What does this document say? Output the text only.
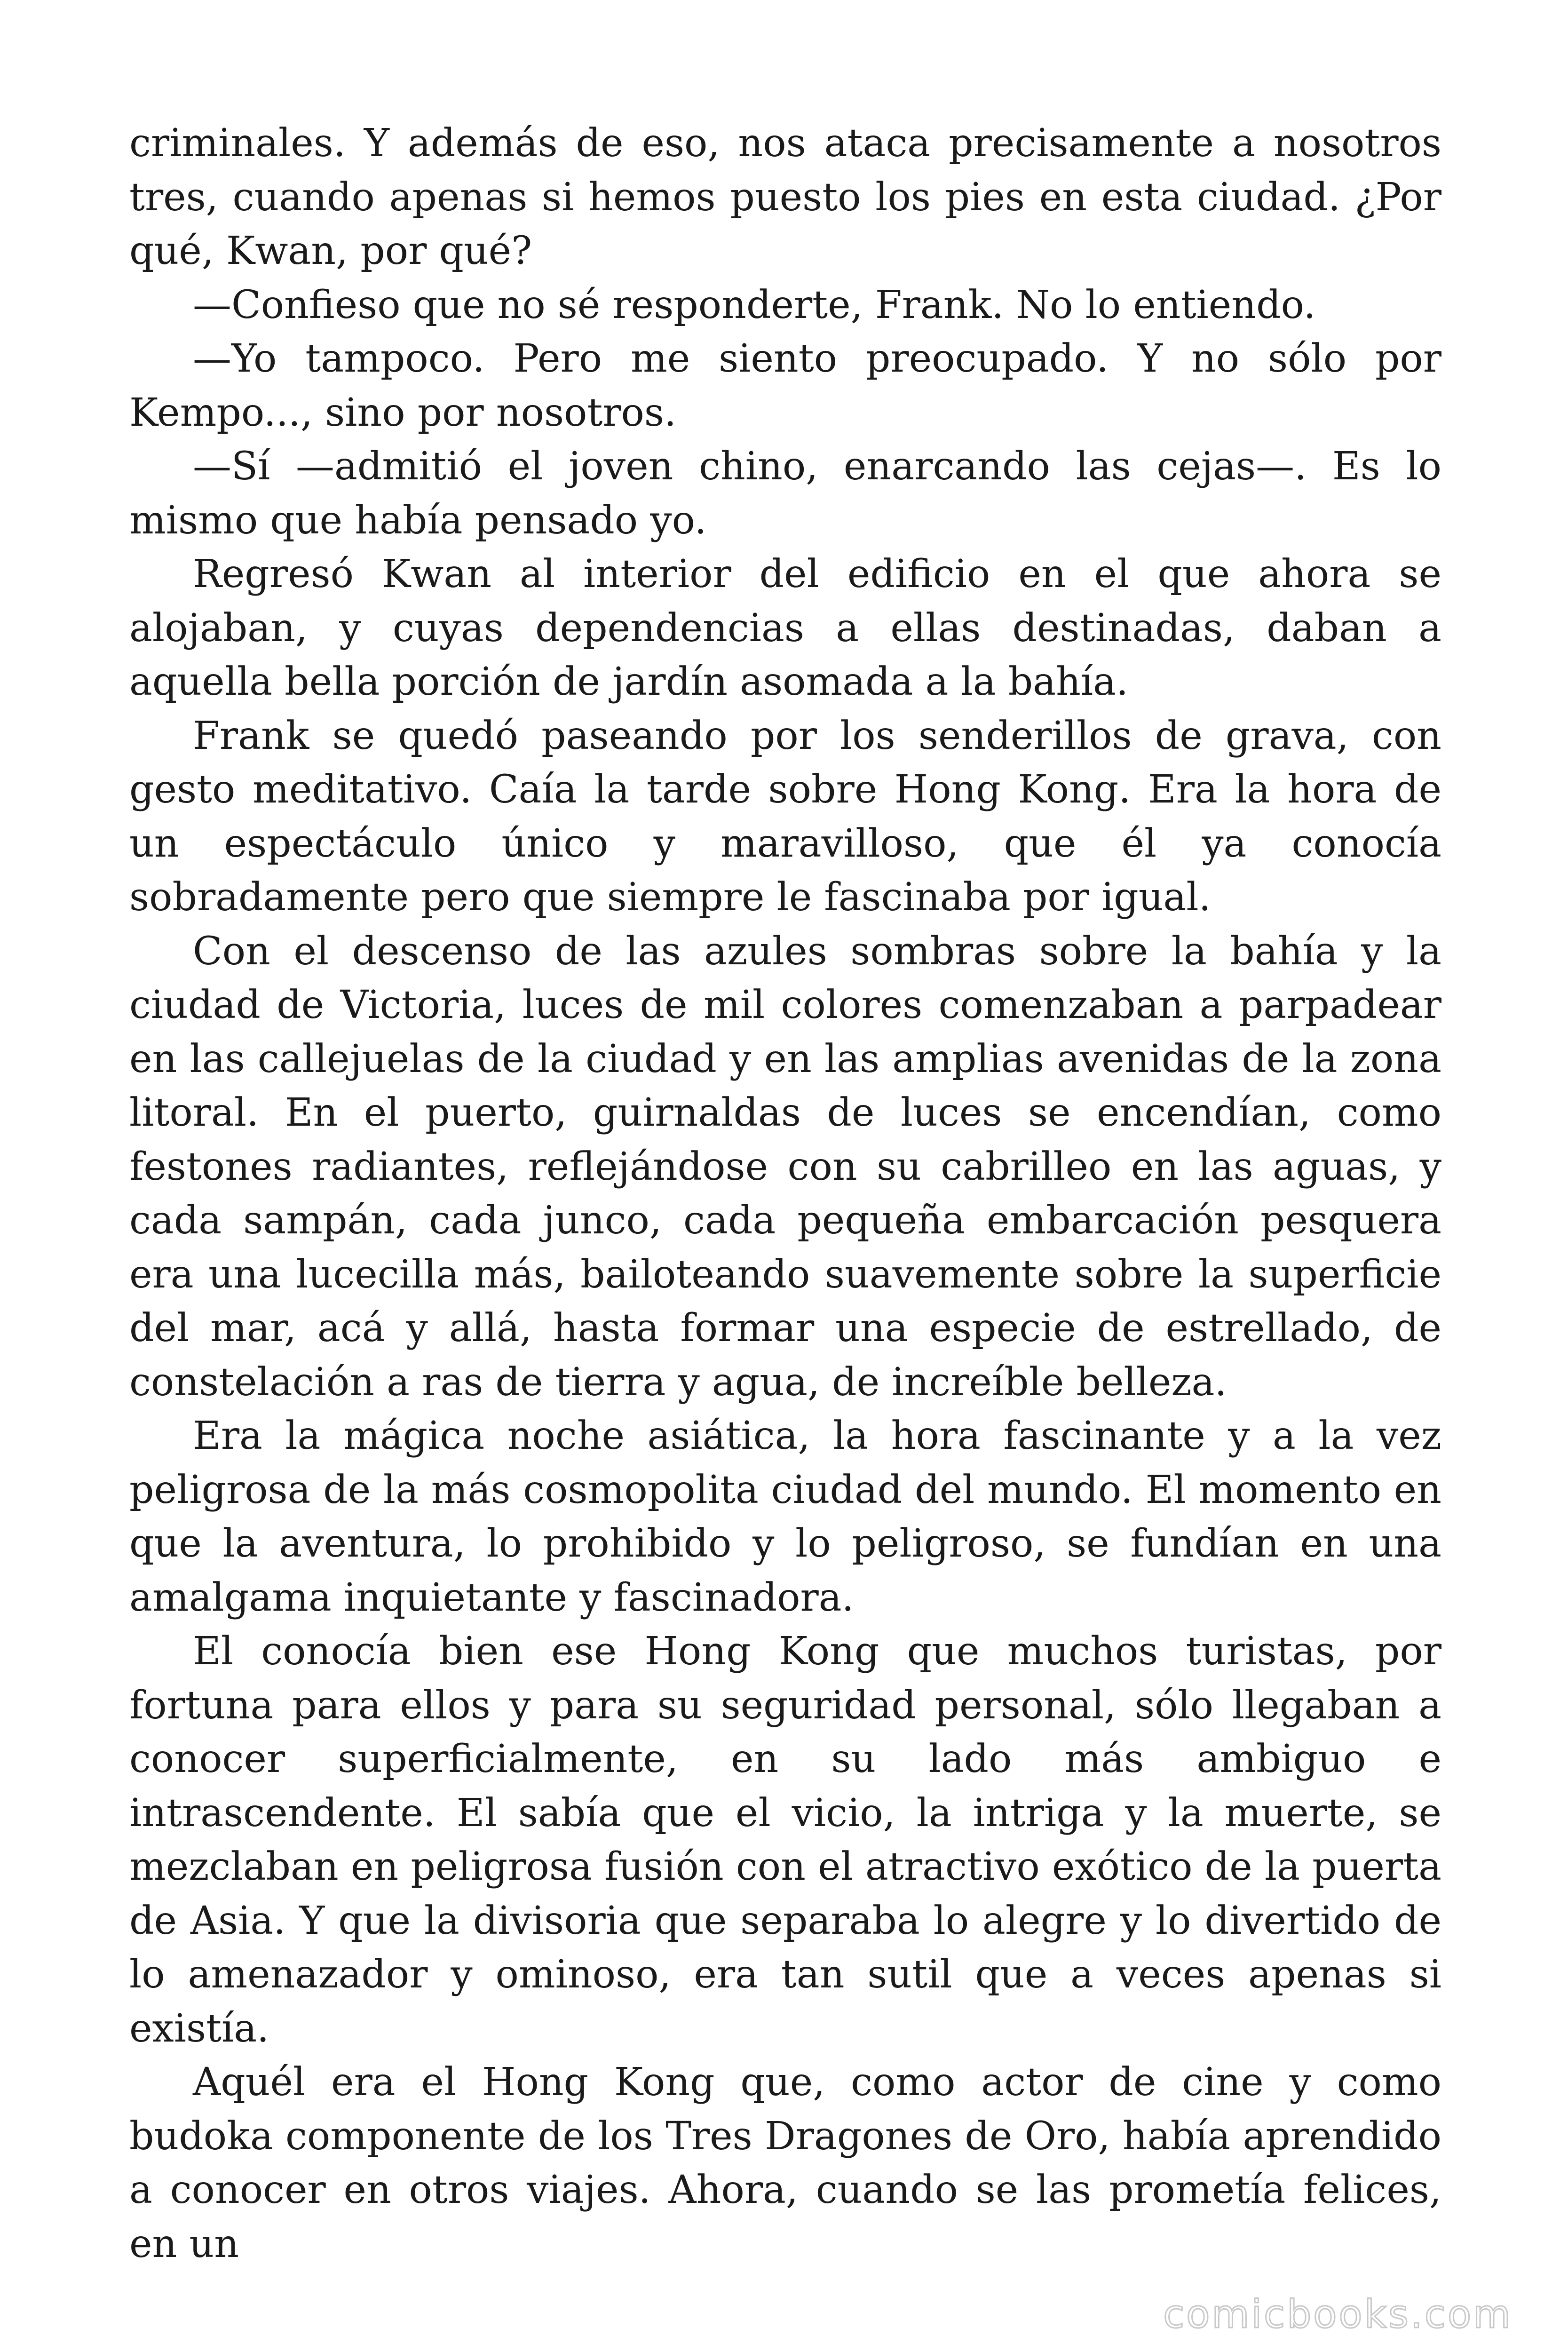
criminales. Y además de eso, nos ataca precisamente a nosotros tres, cuando apenas si hemos puesto los pies en esta ciudad. ¿Por qué, Kwan, por qué?

—Confieso que no sé responderte, Frank. No lo entiendo.

—Yo tampoco. Pero me siento preocupado. Y no sólo por Kempo..., sino por nosotros.

—Sí —admitió el joven chino, enarcando las cejas—. Es lo mismo que había pensado yo.

Regresó Kwan al interior del edificio en el que ahora se alojaban, y cuyas dependencias a ellas destinadas, daban a aquella bella porción de jardín asomada a la bahía.

Frank se quedó paseando por los senderillos de grava, con gesto meditativo. Caía la tarde sobre Hong Kong. Era la hora de un espectáculo único y maravilloso, que él ya conocía sobradamente pero que siempre le fascinaba por igual.

Con el descenso de las azules sombras sobre la bahía y la ciudad de Victoria, luces de mil colores comenzaban a parpadear en las callejuelas de la ciudad y en las amplias avenidas de la zona litoral. En el puerto, guirnaldas de luces se encendían, como festones radiantes, reflejándose con su cabrilleo en las aguas, y cada sampán, cada junco, cada pequeña embarcación pesquera era una lucecilla más, bailoteando suavemente sobre la superficie del mar, acá y allá, hasta formar una especie de estrellado, de constelación a ras de tierra y agua, de increíble belleza.

Era la mágica noche asiática, la hora fascinante y a la vez peligrosa de la más cosmopolita ciudad del mundo. El momento en que la aventura, lo prohibido y lo peligroso, se fundían en una amalgama inquietante y fascinadora.

El conocía bien ese Hong Kong que muchos turistas, por fortuna para ellos y para su seguridad personal, sólo llegaban a conocer superficialmente, en su lado más ambiguo e intrascendente. El sabía que el vicio, la intriga y la muerte, se mezclaban en peligrosa fusión con el atractivo exótico de la puerta de Asia. Y que la divisoria que separaba lo alegre y lo divertido de lo amenazador y ominoso, era tan sutil que a veces apenas si existía.

Aquél era el Hong Kong que, como actor de cine y como budoka componente de los Tres Dragones de Oro, había aprendido a conocer en otros viajes. Ahora, cuando se las prometía felices, en un

comicbooks.com
